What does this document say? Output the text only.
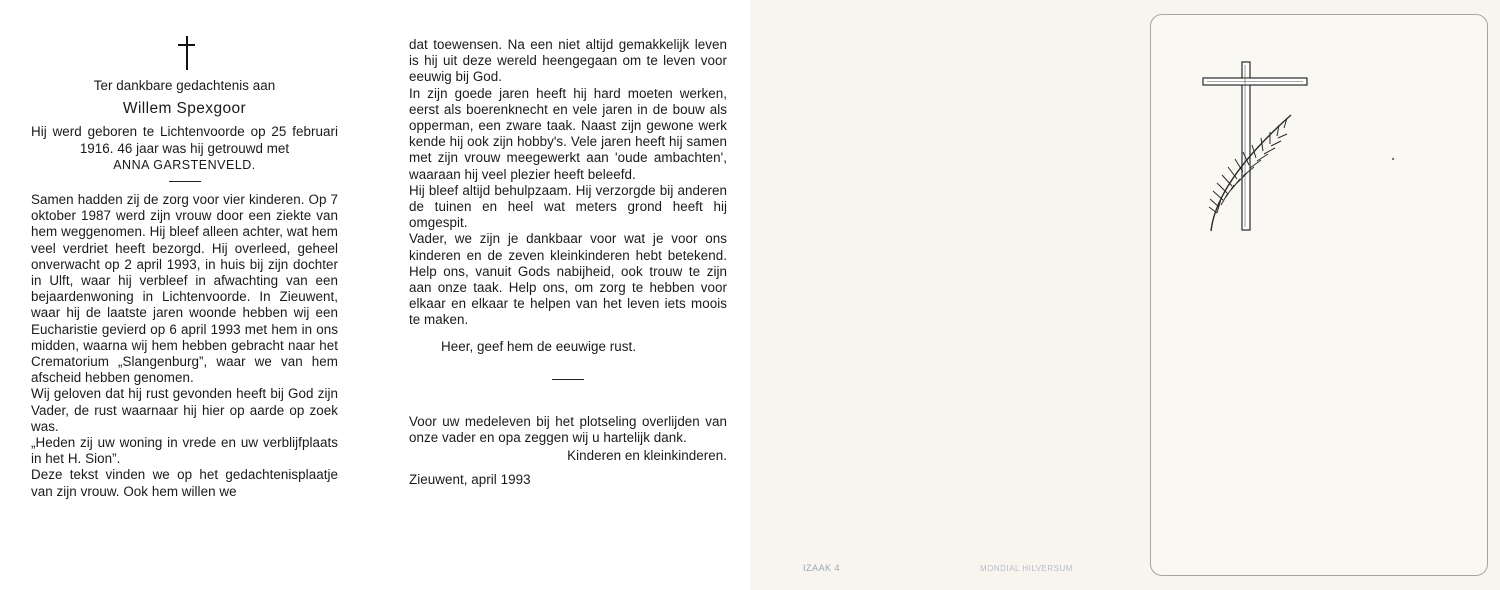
Ter dankbare gedachtenis aan
Willem Spexgoor
Hij werd geboren te Lichtenvoorde op 25 februari 1916. 46 jaar was hij getrouwd met
ANNA GARSTENVELD.
Samen hadden zij de zorg voor vier kinderen. Op 7 oktober 1987 werd zijn vrouw door een ziekte van hem weggenomen. Hij bleef alleen achter, wat hem veel verdriet heeft bezorgd. Hij overleed, geheel onverwacht op 2 april 1993, in huis bij zijn dochter in Ulft, waar hij verbleef in afwachting van een bejaardenwoning in Lichtenvoorde. In Zieuwent, waar hij de laatste jaren woonde hebben wij een Eucharistie gevierd op 6 april 1993 met hem in ons midden, waarna wij hem hebben gebracht naar het Crematorium „Slangenburg”, waar we van hem afscheid hebben genomen.
Wij geloven dat hij rust gevonden heeft bij God zijn Vader, de rust waarnaar hij hier op aarde op zoek was.
„Heden zij uw woning in vrede en uw verblijfplaats in het H. Sion”.
Deze tekst vinden we op het gedachtenisplaatje van zijn vrouw. Ook hem willen we
dat toewensen. Na een niet altijd gemakkelijk leven is hij uit deze wereld heengegaan om te leven voor eeuwig bij God.
In zijn goede jaren heeft hij hard moeten werken, eerst als boerenknecht en vele jaren in de bouw als opperman, een zware taak. Naast zijn gewone werk kende hij ook zijn hobby's. Vele jaren heeft hij samen met zijn vrouw meegewerkt aan 'oude ambachten', waaraan hij veel plezier heeft beleefd.
Hij bleef altijd behulpzaam. Hij verzorgde bij anderen de tuinen en heel wat meters grond heeft hij omgespit.
Vader, we zijn je dankbaar voor wat je voor ons kinderen en de zeven kleinkinderen hebt betekend. Help ons, vanuit Gods nabijheid, ook trouw te zijn aan onze taak. Help ons, om zorg te hebben voor elkaar en elkaar te helpen van het leven iets moois te maken.
Heer, geef hem de eeuwige rust.
Voor uw medeleven bij het plotseling overlijden van onze vader en opa zeggen wij u hartelijk dank.
Kinderen en kleinkinderen.
Zieuwent, april 1993
IZAAK 4	MONDIAL HILVERSUM
